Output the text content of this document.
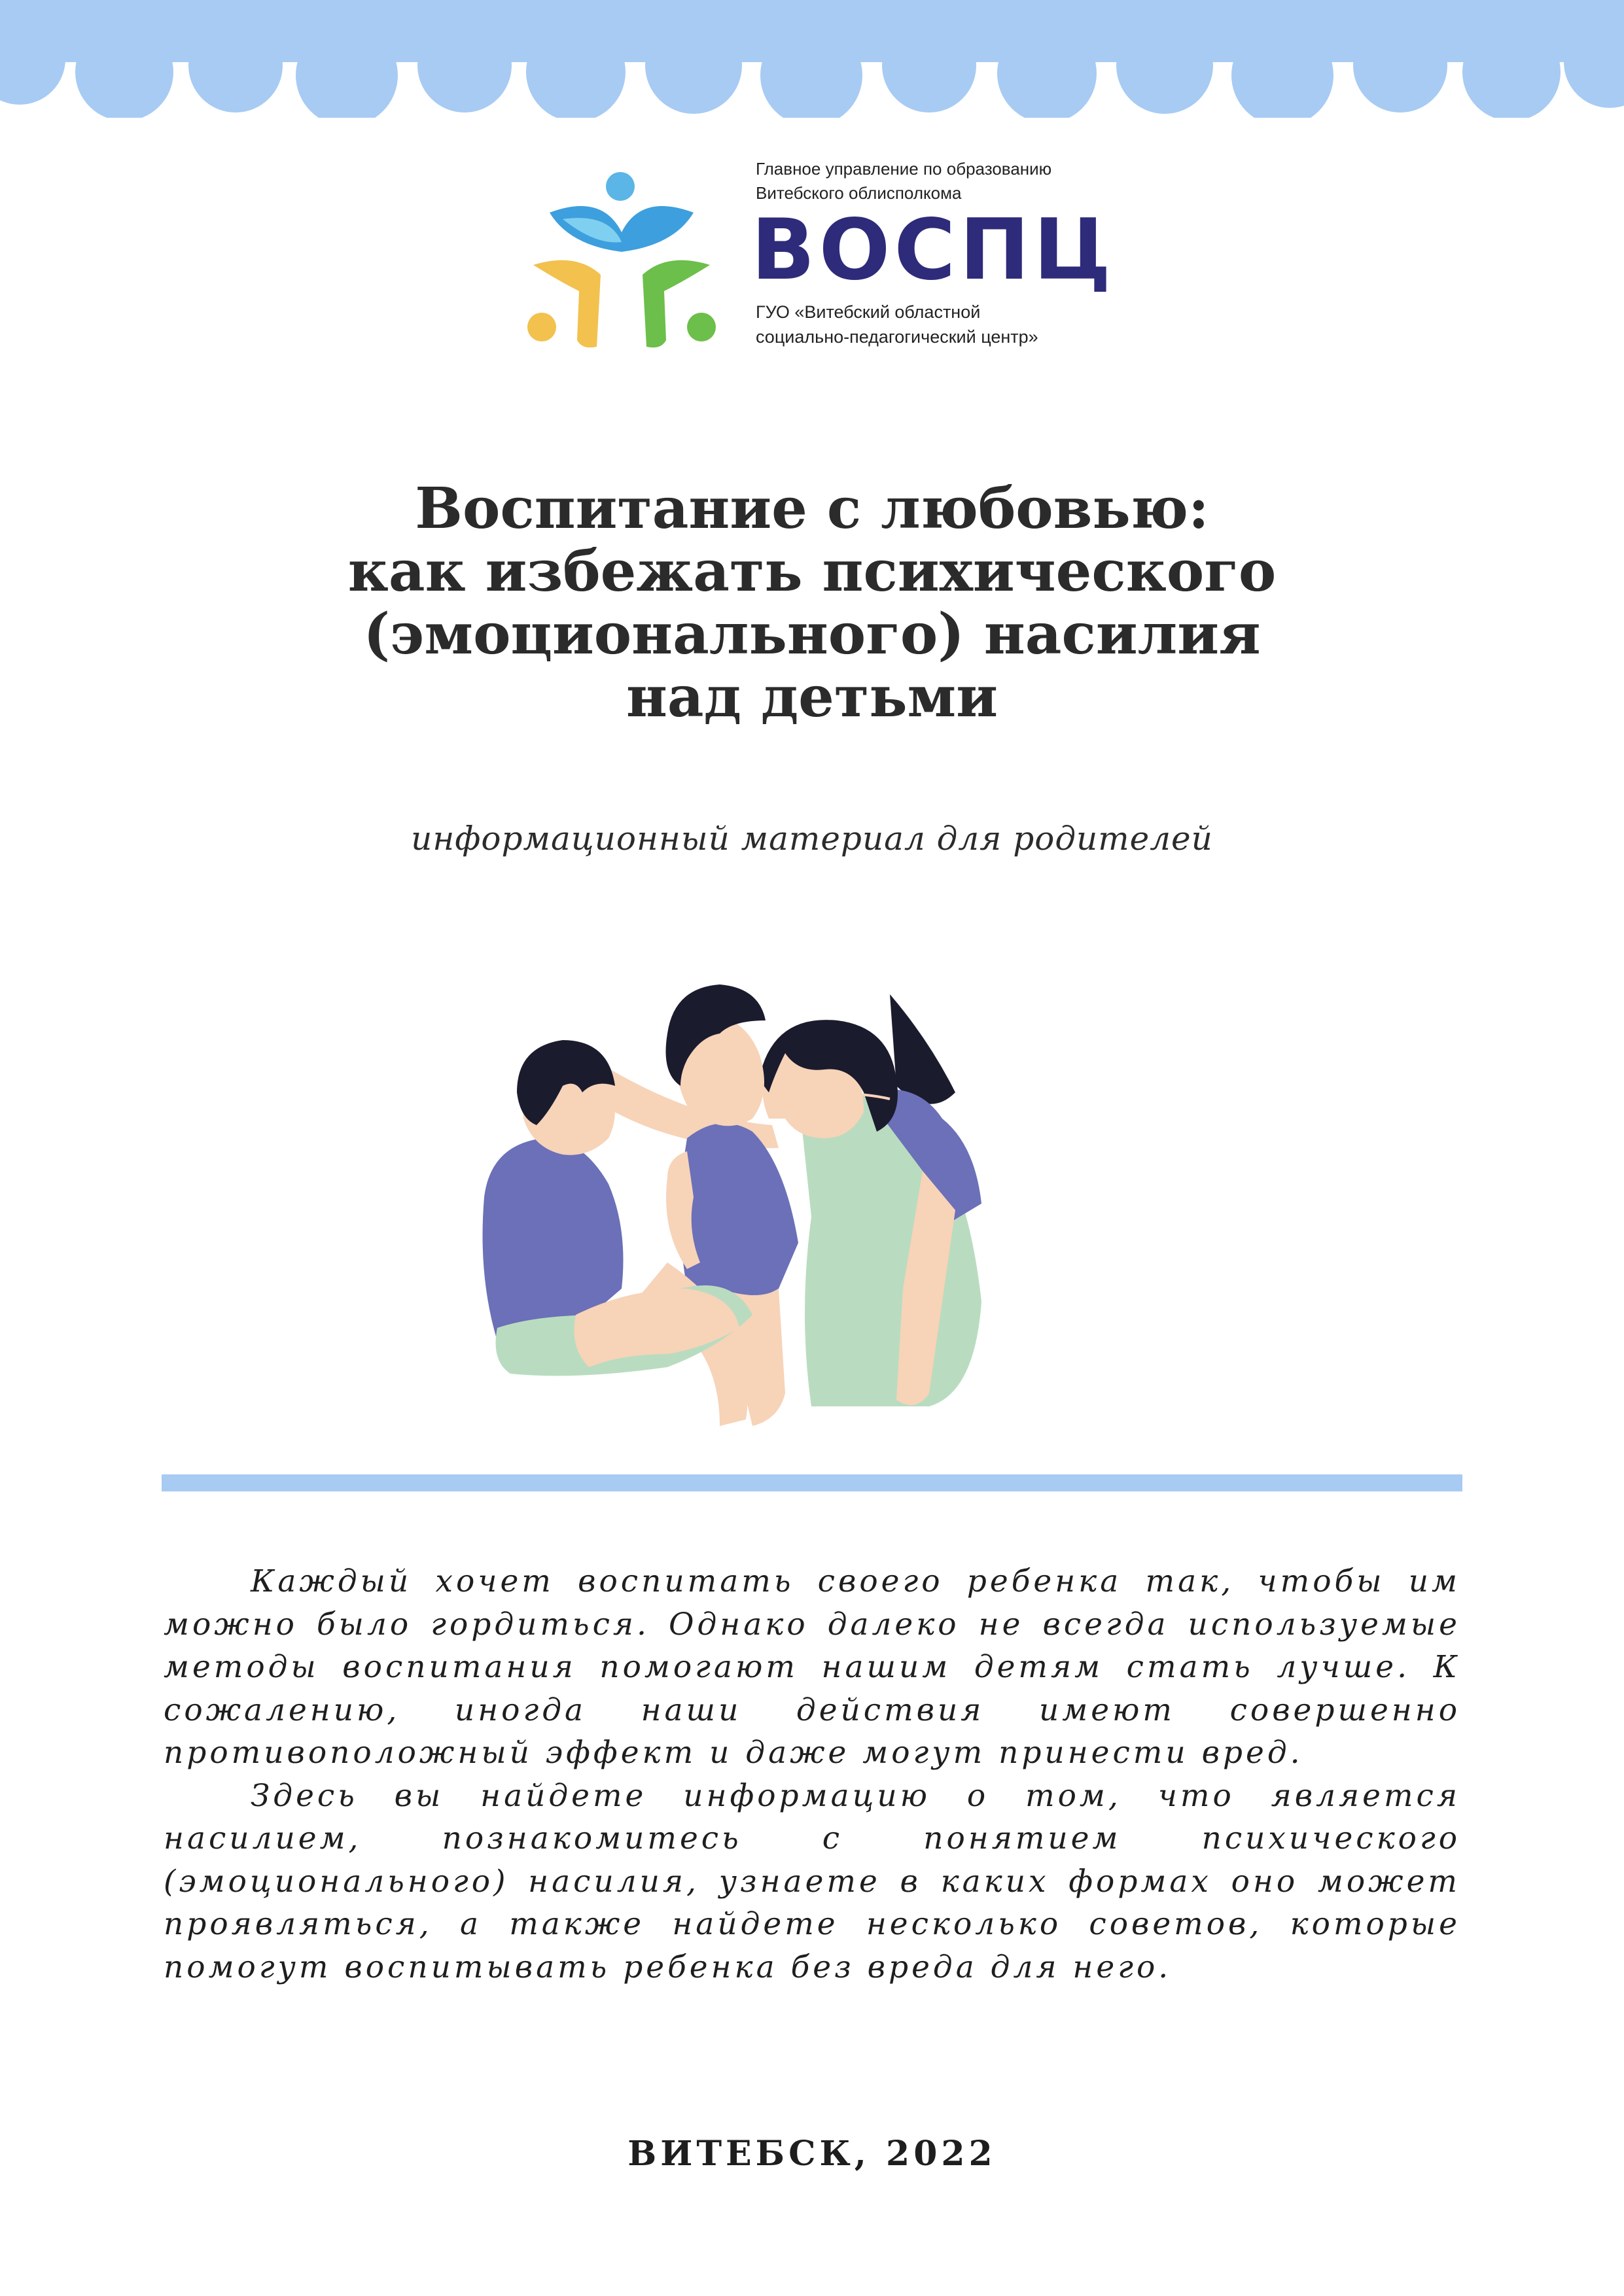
Главное управление по образованию
Витебского облисполкома
ВОСПЦ
ГУО «Витебский областной
социально-педагогический центр»
Воспитание с любовью:
как избежать психического
(эмоционального) насилия
над детьми
информационный материал для родителей

Каждый хочет воспитать своего ребенка так, чтобы им можно было гордиться. Однако далеко не всегда используемые методы воспитания помогают нашим детям стать лучше. К сожалению, иногда наши действия имеют совершенно противоположный эффект и даже могут принести вред.

Здесь вы найдете информацию о том, что является насилием, познакомитесь с понятием психического (эмоционального) насилия, узнаете в каких формах оно может проявляться, а также найдете несколько советов, которые помогут воспитывать ребенка без вреда для него.

ВИТЕБСК, 2022
